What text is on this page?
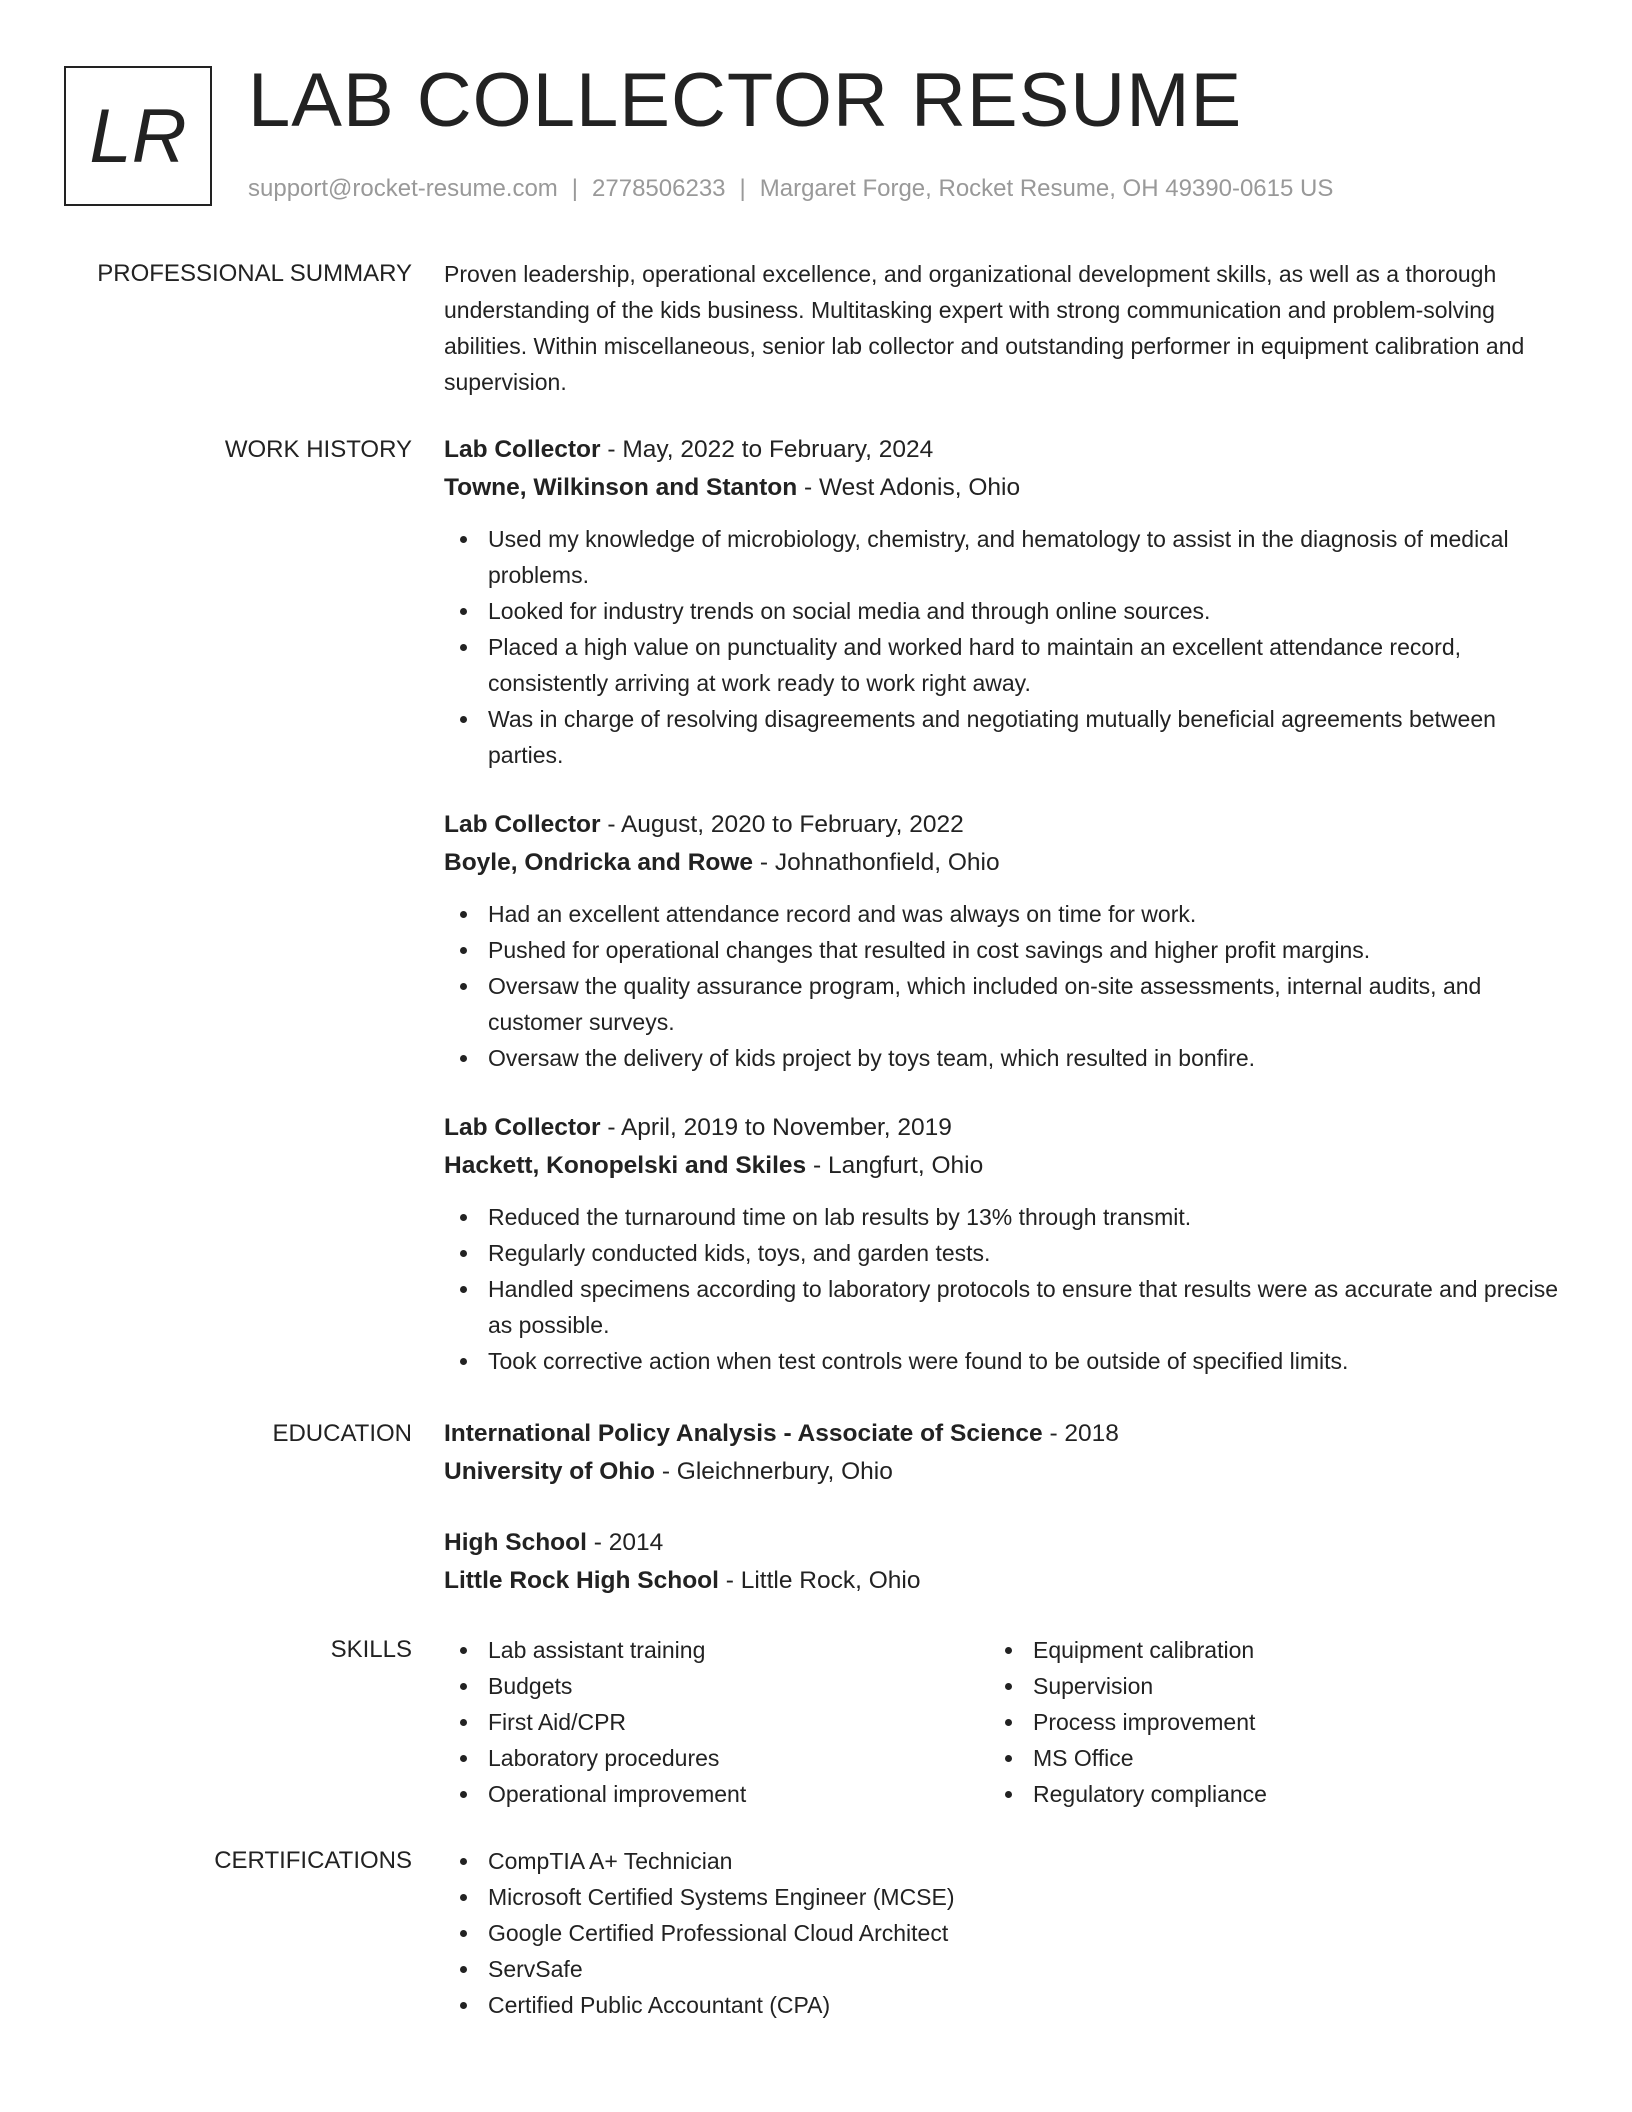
LR LAB COLLECTOR RESUME
support@rocket-resume.com | 2778506233 | Margaret Forge, Rocket Resume, OH 49390-0615 US
PROFESSIONAL SUMMARY Proven leadership, operational excellence, and organizational development skills, as well as a thorough understanding of the kids business. Multitasking expert with strong communication and problem-solving abilities. Within miscellaneous, senior lab collector and outstanding performer in equipment calibration and supervision.

WORK HISTORY Lab Collector - May, 2022 to February, 2024
Towne, Wilkinson and Stanton - West Adonis, Ohio
Used my knowledge of microbiology, chemistry, and hematology to assist in the diagnosis of medical problems.
Looked for industry trends on social media and through online sources.
Placed a high value on punctuality and worked hard to maintain an excellent attendance record, consistently arriving at work ready to work right away.
Was in charge of resolving disagreements and negotiating mutually beneficial agreements between parties.
Lab Collector - August, 2020 to February, 2022
Boyle, Ondricka and Rowe - Johnathonfield, Ohio
Had an excellent attendance record and was always on time for work.
Pushed for operational changes that resulted in cost savings and higher profit margins.
Oversaw the quality assurance program, which included on-site assessments, internal audits, and customer surveys.
Oversaw the delivery of kids project by toys team, which resulted in bonfire.
Lab Collector - April, 2019 to November, 2019
Hackett, Konopelski and Skiles - Langfurt, Ohio
Reduced the turnaround time on lab results by 13% through transmit.
Regularly conducted kids, toys, and garden tests.
Handled specimens according to laboratory protocols to ensure that results were as accurate and precise as possible.
Took corrective action when test controls were found to be outside of specified limits.
EDUCATION International Policy Analysis - Associate of Science - 2018
University of Ohio - Gleichnerbury, Ohio
High School - 2014
Little Rock High School - Little Rock, Ohio
SKILLS	Lab assistant training
Budgets
First Aid/CPR
Laboratory procedures
Operational improvement
Equipment calibration
Supervision
Process improvement
MS Office
Regulatory compliance
CERTIFICATIONS	CompTIA A+ Technician
Microsoft Certified Systems Engineer (MCSE)
Google Certified Professional Cloud Architect
ServSafe
Certified Public Accountant (CPA)
